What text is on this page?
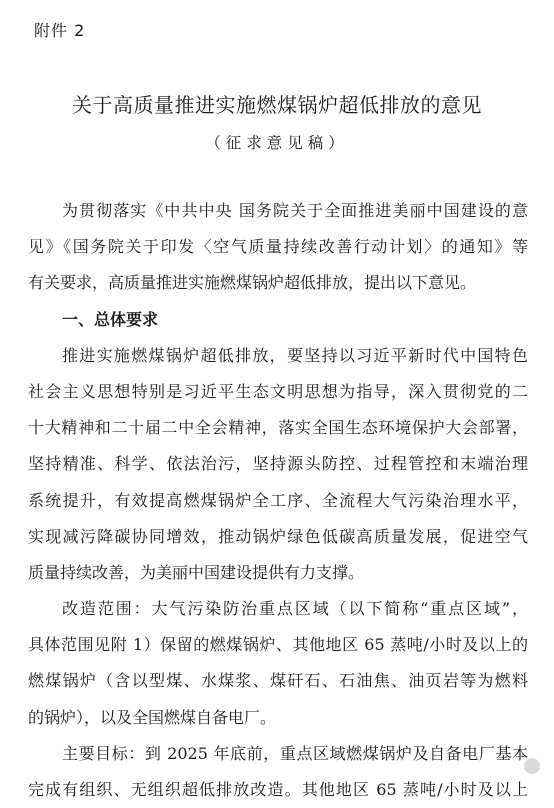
附件 2
关于高质量推进实施燃煤锅炉超低排放的意见
（征求意见稿）
为贯彻落实《中共中央 国务院关于全面推进美丽中国建设的意
见》《国务院关于印发〈空气质量持续改善行动计划〉的通知》等
有关要求，高质量推进实施燃煤锅炉超低排放，提出以下意见。
一、总体要求
推进实施燃煤锅炉超低排放，要坚持以习近平新时代中国特色
社会主义思想特别是习近平生态文明思想为指导，深入贯彻党的二
十大精神和二十届二中全会精神，落实全国生态环境保护大会部署，
坚持精准、科学、依法治污，坚持源头防控、过程管控和末端治理
系统提升，有效提高燃煤锅炉全工序、全流程大气污染治理水平，
实现减污降碳协同增效，推动锅炉绿色低碳高质量发展，促进空气
质量持续改善，为美丽中国建设提供有力支撑。
改造范围：大气污染防治重点区域（以下简称“重点区域”，
具体范围见附 1）保留的燃煤锅炉、其他地区 65 蒸吨/小时及以上的
燃煤锅炉（含以型煤、水煤浆、煤矸石、石油焦、油页岩等为燃料
的锅炉），以及全国燃煤自备电厂。
主要目标：到 2025 年底前，重点区域燃煤锅炉及自备电厂基本
完成有组织、无组织超低排放改造。其他地区 65 蒸吨/小时及以上
